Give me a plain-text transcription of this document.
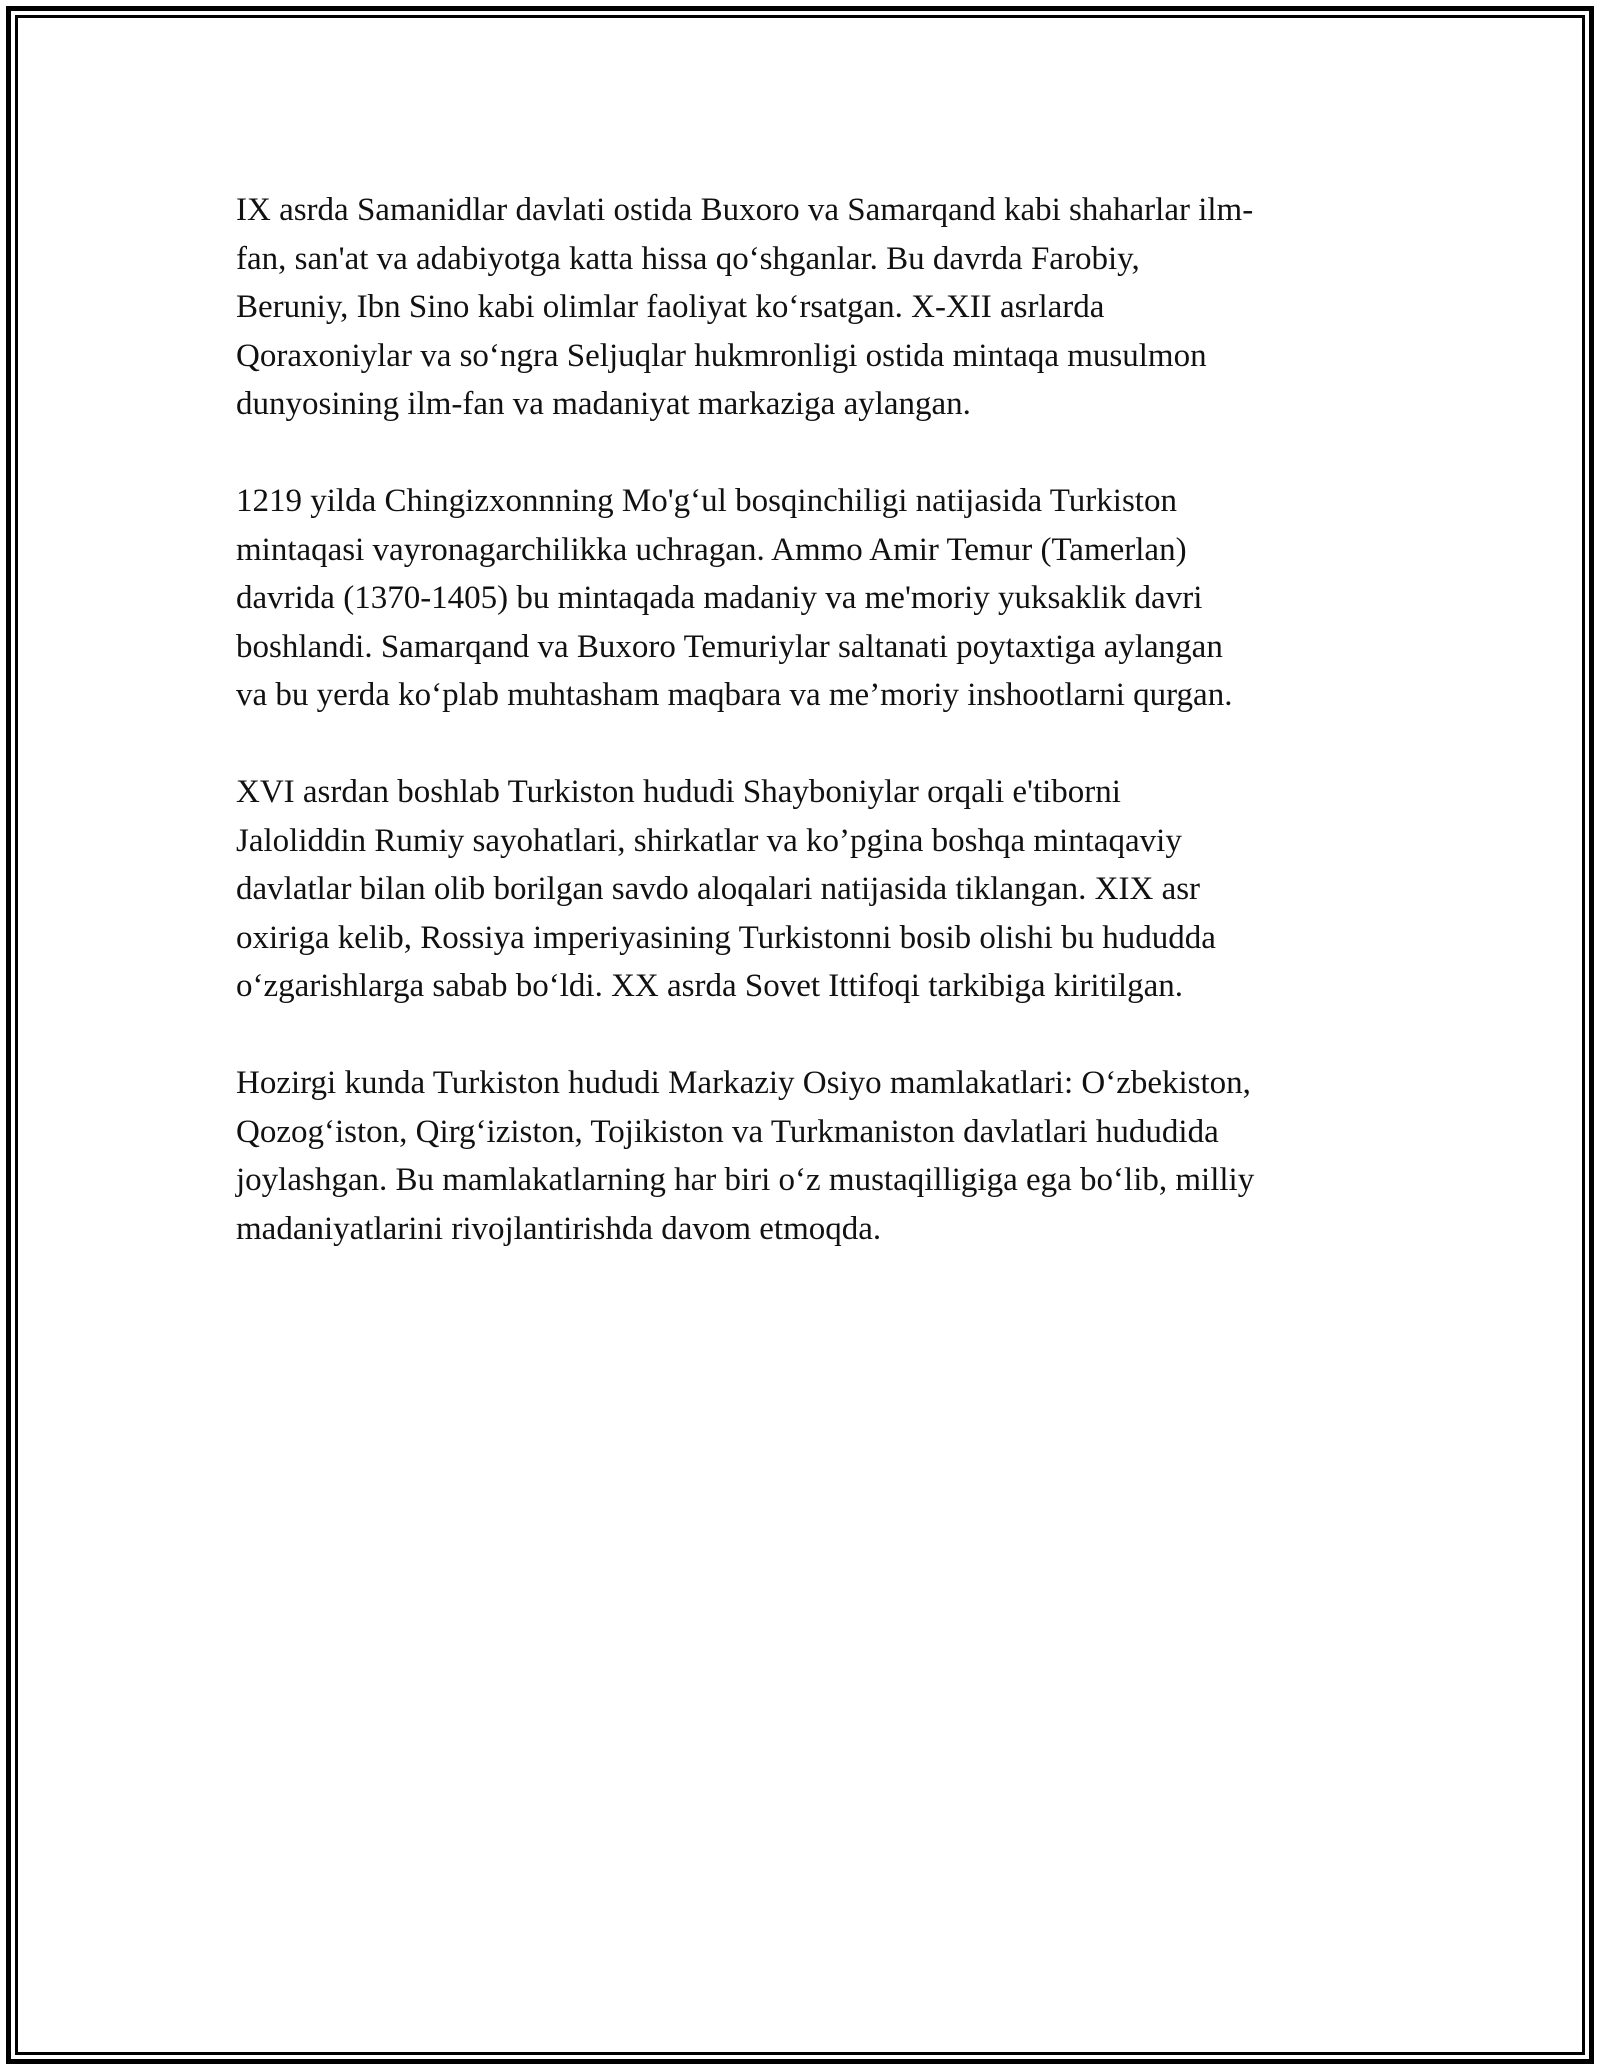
IX asrda Samanidlar davlati ostida Buxoro va Samarqand kabi shaharlar ilm-
fan, san'at va adabiyotga katta hissa qo‘shganlar. Bu davrda Farobiy,
Beruniy, Ibn Sino kabi olimlar faoliyat ko‘rsatgan. X-XII asrlarda
Qoraxoniylar va so‘ngra Seljuqlar hukmronligi ostida mintaqa musulmon
dunyosining ilm-fan va madaniyat markaziga aylangan.

1219 yilda Chingizxonnning Mo'g‘ul bosqinchiligi natijasida Turkiston
mintaqasi vayronagarchilikka uchragan. Ammo Amir Temur (Tamerlan)
davrida (1370-1405) bu mintaqada madaniy va me'moriy yuksaklik davri
boshlandi. Samarqand va Buxoro Temuriylar saltanati poytaxtiga aylangan
va bu yerda ko‘plab muhtasham maqbara va me’moriy inshootlarni qurgan.

XVI asrdan boshlab Turkiston hududi Shayboniylar orqali e'tiborni
Jaloliddin Rumiy sayohatlari, shirkatlar va ko’pgina boshqa mintaqaviy
davlatlar bilan olib borilgan savdo aloqalari natijasida tiklangan. XIX asr
oxiriga kelib, Rossiya imperiyasining Turkistonni bosib olishi bu hududda
o‘zgarishlarga sabab bo‘ldi. XX asrda Sovet Ittifoqi tarkibiga kiritilgan.

Hozirgi kunda Turkiston hududi Markaziy Osiyo mamlakatlari: O‘zbekiston,
Qozog‘iston, Qirg‘iziston, Tojikiston va Turkmaniston davlatlari hududida
joylashgan. Bu mamlakatlarning har biri o‘z mustaqilligiga ega bo‘lib, milliy
madaniyatlarini rivojlantirishda davom etmoqda.
